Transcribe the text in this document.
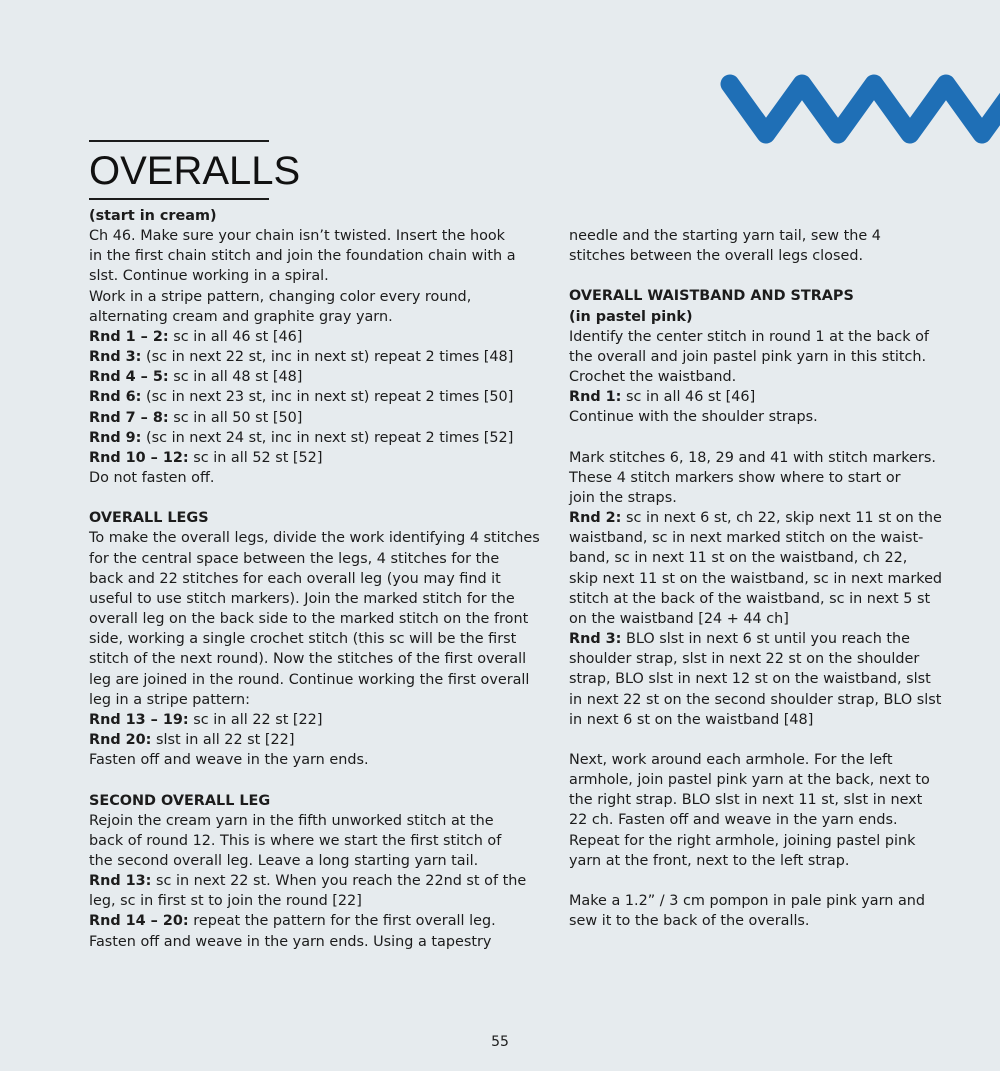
OVERALLS

(start in cream)

Ch 46. Make sure your chain isn’t twisted. Insert the hook

in the first chain stitch and join the foundation chain with a

slst. Continue working in a spiral.

Work in a stripe pattern, changing color every round,

alternating cream and graphite gray yarn.

Rnd 1 – 2: sc in all 46 st [46]

Rnd 3: (sc in next 22 st, inc in next st) repeat 2 times [48]

Rnd 4 – 5: sc in all 48 st [48]

Rnd 6: (sc in next 23 st, inc in next st) repeat 2 times [50]

Rnd 7 – 8: sc in all 50 st [50]

Rnd 9: (sc in next 24 st, inc in next st) repeat 2 times [52]

Rnd 10 – 12: sc in all 52 st [52]

Do not fasten off.

OVERALL LEGS

To make the overall legs, divide the work identifying 4 stitches

for the central space between the legs, 4 stitches for the

back and 22 stitches for each overall leg (you may find it

useful to use stitch markers). Join the marked stitch for the

overall leg on the back side to the marked stitch on the front

side, working a single crochet stitch (this sc will be the first

stitch of the next round). Now the stitches of the first overall

leg are joined in the round. Continue working the first overall

leg in a stripe pattern:

Rnd 13 – 19: sc in all 22 st [22]

Rnd 20: slst in all 22 st [22]

Fasten off and weave in the yarn ends.

SECOND OVERALL LEG

Rejoin the cream yarn in the fifth unworked stitch at the

back of round 12. This is where we start the first stitch of

the second overall leg. Leave a long starting yarn tail.

Rnd 13: sc in next 22 st. When you reach the 22nd st of the

leg, sc in first st to join the round [22]

Rnd 14 – 20: repeat the pattern for the first overall leg.

Fasten off and weave in the yarn ends. Using a tapestry

needle and the starting yarn tail, sew the 4

stitches between the overall legs closed.

OVERALL WAISTBAND AND STRAPS

(in pastel pink)

Identify the center stitch in round 1 at the back of

the overall and join pastel pink yarn in this stitch.

Crochet the waistband.

Rnd 1: sc in all 46 st [46]

Continue with the shoulder straps.

Mark stitches 6, 18, 29 and 41 with stitch markers.

These 4 stitch markers show where to start or

join the straps.

Rnd 2: sc in next 6 st, ch 22, skip next 11 st on the

waistband, sc in next marked stitch on the waist-

band, sc in next 11 st on the waistband, ch 22,

skip next 11 st on the waistband, sc in next marked

stitch at the back of the waistband, sc in next 5 st

on the waistband [24 + 44 ch]

Rnd 3: BLO slst in next 6 st until you reach the

shoulder strap, slst in next 22 st on the shoulder

strap, BLO slst in next 12 st on the waistband, slst

in next 22 st on the second shoulder strap, BLO slst

in next 6 st on the waistband [48]

Next, work around each armhole. For the left

armhole, join pastel pink yarn at the back, next to

the right strap. BLO slst in next 11 st, slst in next

22 ch. Fasten off and weave in the yarn ends.

Repeat for the right armhole, joining pastel pink

yarn at the front, next to the left strap.

Make a 1.2” / 3 cm pompon in pale pink yarn and

sew it to the back of the overalls.

55
